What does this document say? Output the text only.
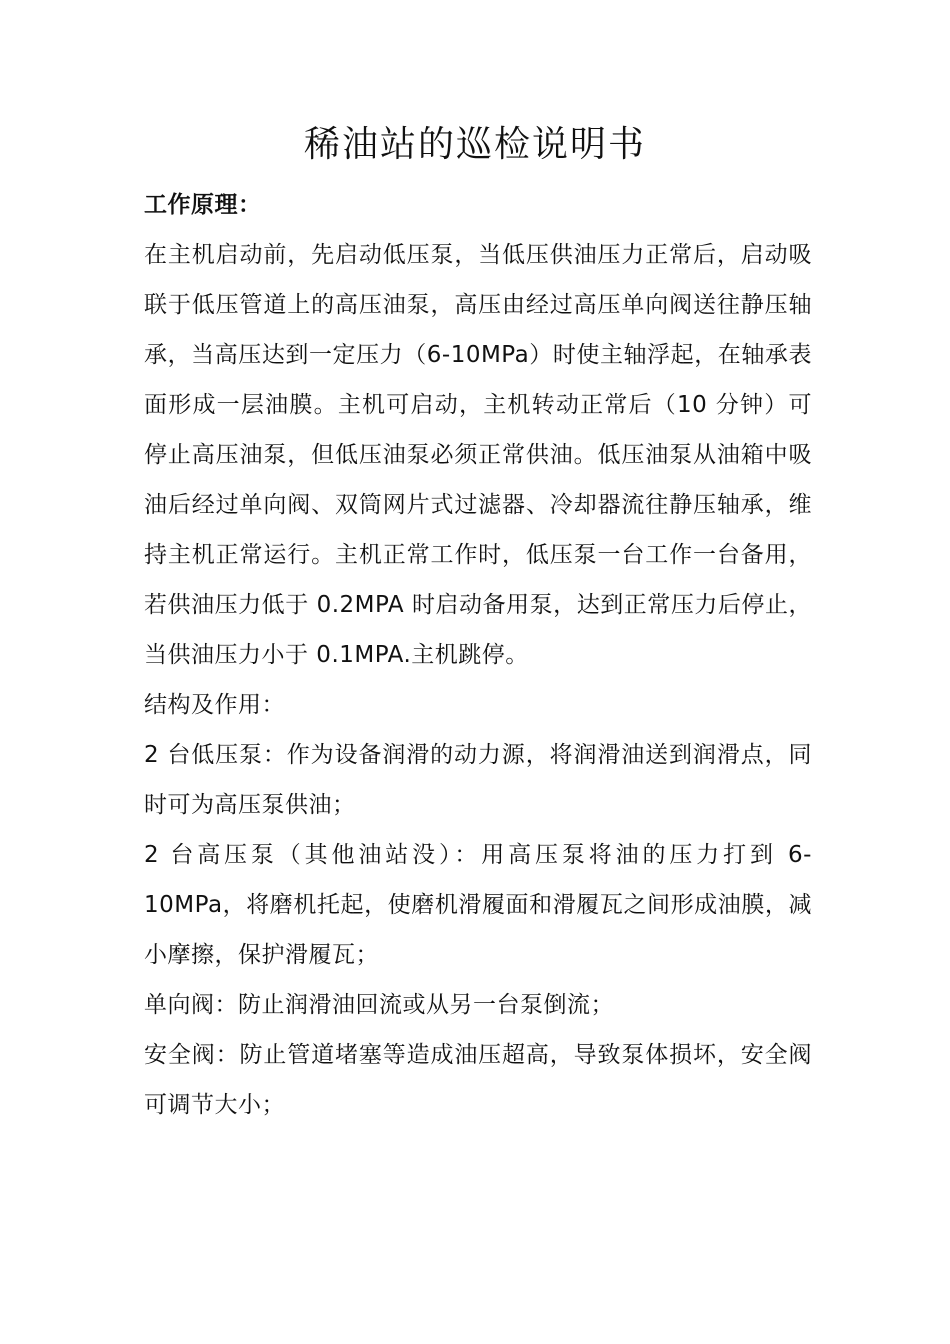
稀油站的巡检说明书

工作原理：

在主机启动前，先启动低压泵，当低压供油压力正常后，启动吸联于低压管道上的高压油泵，高压由经过高压单向阀送往静压轴承，当高压达到一定压力（6-10MPa）时使主轴浮起，在轴承表面形成一层油膜。主机可启动，主机转动正常后（10 分钟）可停止高压油泵，但低压油泵必须正常供油。低压油泵从油箱中吸油后经过单向阀、双筒网片式过滤器、冷却器流往静压轴承，维持主机正常运行。主机正常工作时，低压泵一台工作一台备用，若供油压力低于 0.2MPA 时启动备用泵，达到正常压力后停止，当供油压力小于 0.1MPA.主机跳停。

结构及作用：

2 台低压泵：作为设备润滑的动力源，将润滑油送到润滑点，同时可为高压泵供油；

2 台高压泵（其他油站没）：用高压泵将油的压力打到 6-10MPa，将磨机托起，使磨机滑履面和滑履瓦之间形成油膜，减小摩擦，保护滑履瓦；

单向阀：防止润滑油回流或从另一台泵倒流；

安全阀：防止管道堵塞等造成油压超高，导致泵体损坏，安全阀可调节大小；
